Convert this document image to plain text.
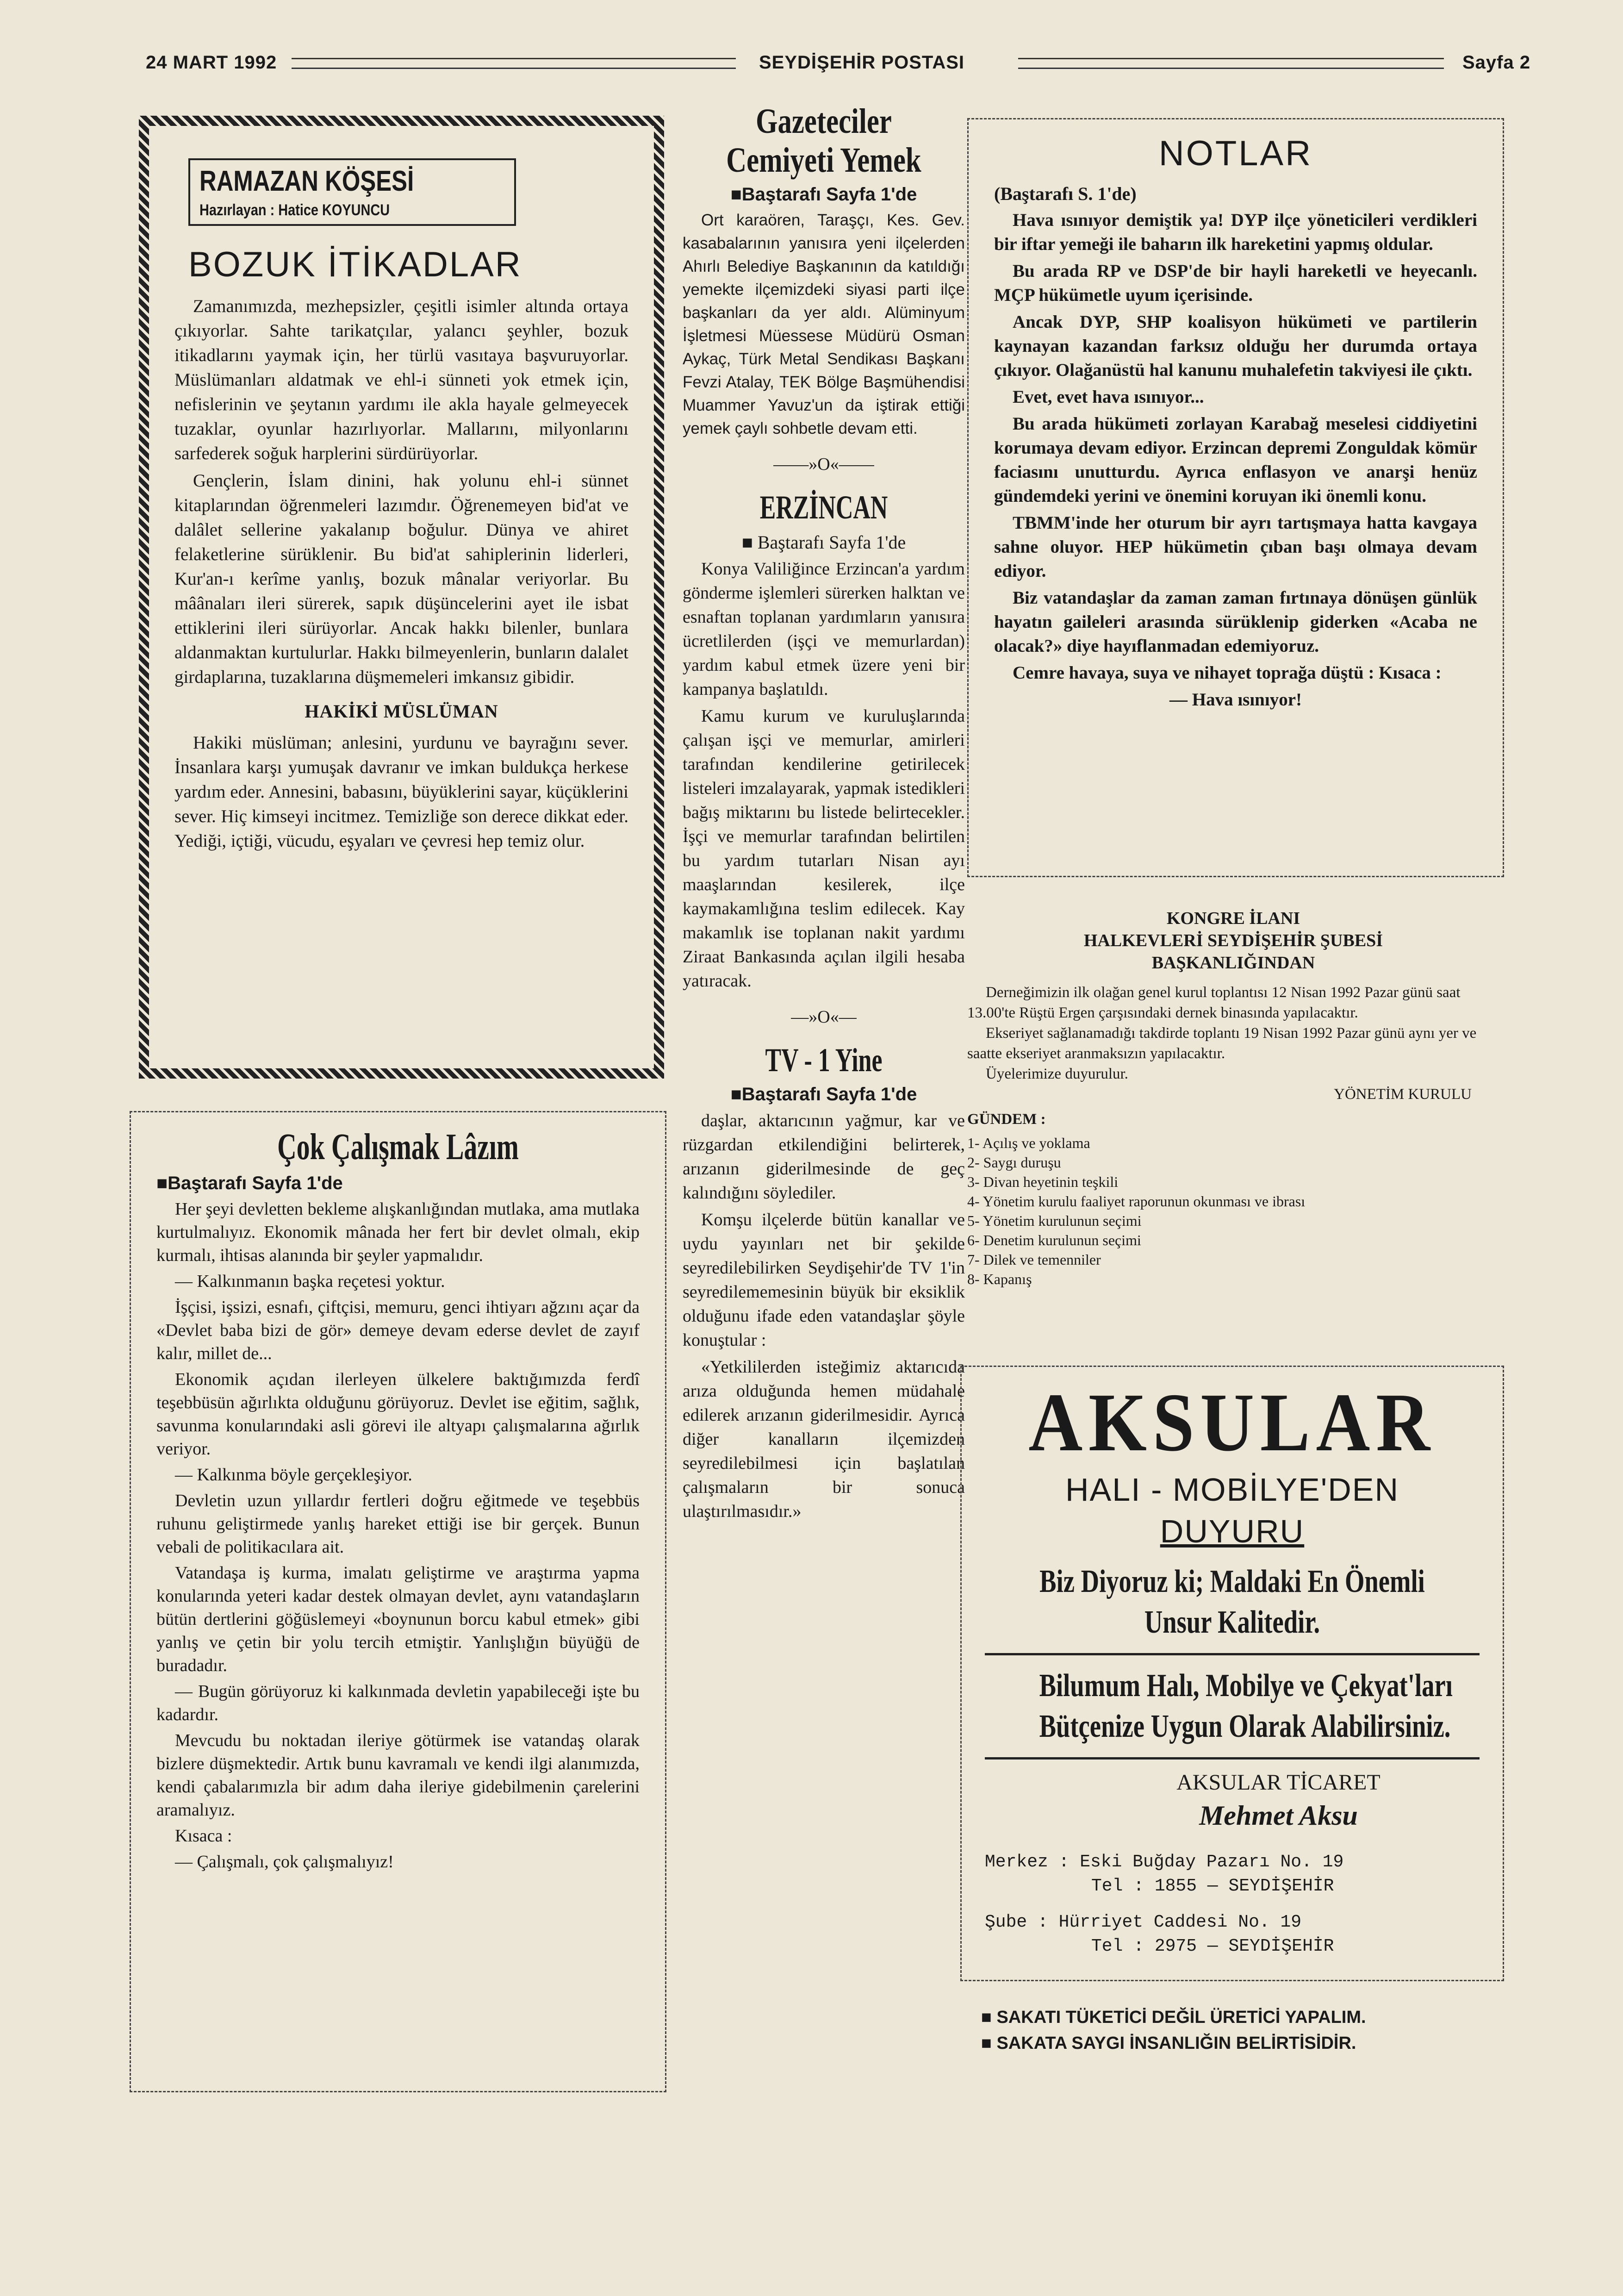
24 MART 1992	SEYDİŞEHİR POSTASI	Sayfa 2
RAMAZAN KÖŞESİ

Hazırlayan : Hatice KOYUNCU

BOZUK İTİKADLAR

Zamanımızda, mezhepsizler, çeşitli isimler altında ortaya çıkıyorlar. Sahte tarikatçılar, yalancı şeyhler, bozuk itikadlarını yaymak için, her türlü vasıtaya başvuruyorlar. Müslümanları aldatmak ve ehl-i sünneti yok etmek için, nefislerinin ve şeytanın yardımı ile akla hayale gelmeyecek tuzaklar, oyunlar hazırlıyorlar. Mallarını, milyonlarını sarfederek soğuk harplerini sürdürüyorlar.

Gençlerin, İslam dinini, hak yolunu ehl-i sünnet kitaplarından öğrenmeleri lazımdır. Öğrenemeyen bid'at ve dalâlet sellerine yakalanıp boğulur. Dünya ve ahiret felaketlerine sürüklenir. Bu bid'at sahiplerinin liderleri, Kur'an-ı kerîme yanlış, bozuk mânalar veriyorlar. Bu mâânaları ileri sürerek, sapık düşüncelerini ayet ile isbat ettiklerini ileri sürüyorlar. Ancak hakkı bilenler, bunlara aldanmaktan kurtulurlar. Hakkı bilmeyenlerin, bunların dalalet girdaplarına, tuzaklarına düşmemeleri imkansız gibidir.

HAKİKİ MÜSLÜMAN

Hakiki müslüman; anlesini, yurdunu ve bayrağını sever. İnsanlara karşı yumuşak davranır ve imkan buldukça herkese yardım eder. Annesini, babasını, büyüklerini sayar, küçüklerini sever. Hiç kimseyi incitmez. Temizliğe son derece dikkat eder. Yediği, içtiği, vücudu, eşyaları ve çevresi hep temiz olur.

Çok Çalışmak Lâzım
■Baştarafı Sayfa 1'de

Her şeyi devletten bekleme alışkanlığından mutlaka, ama mutlaka kurtulmalıyız. Ekonomik mânada her fert bir devlet olmalı, ekip kurmalı, ihtisas alanında bir şeyler yapmalıdır.

— Kalkınmanın başka reçetesi yoktur.

İşçisi, işsizi, esnafı, çiftçisi, memuru, genci ihtiyarı ağzını açar da «Devlet baba bizi de gör» demeye devam ederse devlet de zayıf kalır, millet de...

Ekonomik açıdan ilerleyen ülkelere baktığımızda ferdî teşebbüsün ağırlıkta olduğunu görüyoruz. Devlet ise eğitim, sağlık, savunma konularındaki asli görevi ile altyapı çalışmalarına ağırlık veriyor.

— Kalkınma böyle gerçekleşiyor.

Devletin uzun yıllardır fertleri doğru eğitmede ve teşebbüs ruhunu geliştirmede yanlış hareket ettiği ise bir gerçek. Bunun vebali de politikacılara ait.

Vatandaşa iş kurma, imalatı geliştirme ve araştırma yapma konularında yeteri kadar destek olmayan devlet, aynı vatandaşların bütün dertlerini göğüslemeyi «boynunun borcu kabul etmek» gibi yanlış ve çetin bir yolu tercih etmiştir. Yanlışlığın büyüğü de buradadır.

— Bugün görüyoruz ki kalkınmada devletin yapabileceği işte bu kadardır.

Mevcudu bu noktadan ileriye götürmek ise vatandaş olarak bizlere düşmektedir. Artık bunu kavramalı ve kendi ilgi alanımızda, kendi çabalarımızla bir adım daha ileriye gidebilmenin çarelerini aramalıyız.

Kısaca :

— Çalışmalı, çok çalışmalıyız!

Gazeteciler Cemiyeti Yemek
■Baştarafı Sayfa 1'de

Ort karaören, Taraşçı, Kes. Gev. kasabalarının yanısıra yeni ilçelerden Ahırlı Belediye Başkanının da katıldığı yemekte ilçemizdeki siyasi parti ilçe başkanları da yer aldı. Alüminyum İşletmesi Müessese Müdürü Osman Aykaç, Türk Metal Sendikası Başkanı Fevzi Atalay, TEK Bölge Başmühendisi Muammer Yavuz'un da iştirak ettiği yemek çaylı sohbetle devam etti.

——»O«——
ERZİNCAN
■ Baştarafı Sayfa 1'de

Konya Valiliğince Erzincan'a yardım gönderme işlemleri sürerken halktan ve esnaftan toplanan yardımların yanısıra ücretlilerden (işçi ve memurlardan) yardım kabul etmek üzere yeni bir kampanya başlatıldı.

Kamu kurum ve kuruluşlarında çalışan işçi ve memurlar, amirleri tarafından kendilerine getirilecek listeleri imzalayarak, yapmak istedikleri bağış miktarını bu listede belirtecekler. İşçi ve memurlar tarafından belirtilen bu yardım tutarları Nisan ayı maaşlarından kesilerek, ilçe kaymakamlığına teslim edilecek. Kay makamlık ise toplanan nakit yardımı Ziraat Bankasında açılan ilgili hesaba yatıracak.

—»O«—
TV - 1 Yine
■Baştarafı Sayfa 1'de

daşlar, aktarıcının yağmur, kar ve rüzgardan etkilendiğini belirterek, arızanın giderilmesinde de geç kalındığını söylediler.

Komşu ilçelerde bütün kanallar ve uydu yayınları net bir şekilde seyredilebilirken Seydişehir'de TV 1'in seyredilememesinin büyük bir eksiklik olduğunu ifade eden vatandaşlar şöyle konuştular :

«Yetkililerden isteğimiz aktarıcıda arıza olduğunda hemen müdahale edilerek arızanın giderilmesidir. Ayrıca diğer kanalların ilçemizden seyredilebilmesi için başlatılan çalışmaların bir sonuca ulaştırılmasıdır.»

NOTLAR
(Baştarafı S. 1'de)

Hava ısınıyor demiştik ya! DYP ilçe yöneticileri verdikleri bir iftar yemeği ile baharın ilk hareketini yapmış oldular.

Bu arada RP ve DSP'de bir hayli hareketli ve heyecanlı. MÇP hükümetle uyum içerisinde.

Ancak DYP, SHP koalisyon hükümeti ve partilerin kaynayan kazandan farksız olduğu her durumda ortaya çıkıyor. Olağanüstü hal kanunu muhalefetin takviyesi ile çıktı.

Evet, evet hava ısınıyor...

Bu arada hükümeti zorlayan Karabağ meselesi ciddiyetini korumaya devam ediyor. Erzincan depremi Zonguldak kömür faciasını unutturdu. Ayrıca enflasyon ve anarşi henüz gündemdeki yerini ve önemini koruyan iki önemli konu.

TBMM'inde her oturum bir ayrı tartışmaya hatta kavgaya sahne oluyor. HEP hükümetin çıban başı olmaya devam ediyor.

Biz vatandaşlar da zaman zaman fırtınaya dönüşen günlük hayatın gaileleri arasında sürüklenip giderken «Acaba ne olacak?» diye hayıflanmadan edemiyoruz.

Cemre havaya, suya ve nihayet toprağa düştü : Kısaca :

— Hava ısınıyor!

KONGRE İLANI

HALKEVLERİ SEYDİŞEHİR ŞUBESİ

BAŞKANLIĞINDAN

Derneğimizin ilk olağan genel kurul toplantısı 12 Nisan 1992 Pazar günü saat 13.00'te Rüştü Ergen çarşısındaki dernek binasında yapılacaktır.

Ekseriyet sağlanamadığı takdirde toplantı 19 Nisan 1992 Pazar günü aynı yer ve saatte ekseriyet aranmaksızın yapılacaktır.

Üyelerimize duyurulur.

YÖNETİM KURULU

GÜNDEM :

1- Açılış ve yoklama
2- Saygı duruşu
3- Divan heyetinin teşkili
4- Yönetim kurulu faaliyet raporunun okunması ve ibrası
5- Yönetim kurulunun seçimi
6- Denetim kurulunun seçimi
7- Dilek ve temenniler
8- Kapanış

AKSULAR

HALI - MOBİLYE'DEN

DUYURU

Biz Diyoruz ki; Maldaki En Önemli

Unsur Kalitedir.

Bilumum Halı, Mobilye ve Çekyat'ları

Bütçenize Uygun Olarak Alabilirsiniz.

AKSULAR TİCARET

Mehmet Aksu

Merkez : Eski Buğday Pazarı No. 19
Tel : 1855 — SEYDİŞEHİR
Şube : Hürriyet Caddesi No. 19
Tel : 2975 — SEYDİŞEHİR
■ SAKATI TÜKETİCİ DEĞİL ÜRETİCİ YAPALIM.
■ SAKATA SAYGI İNSANLIĞIN BELİRTİSİDİR.
